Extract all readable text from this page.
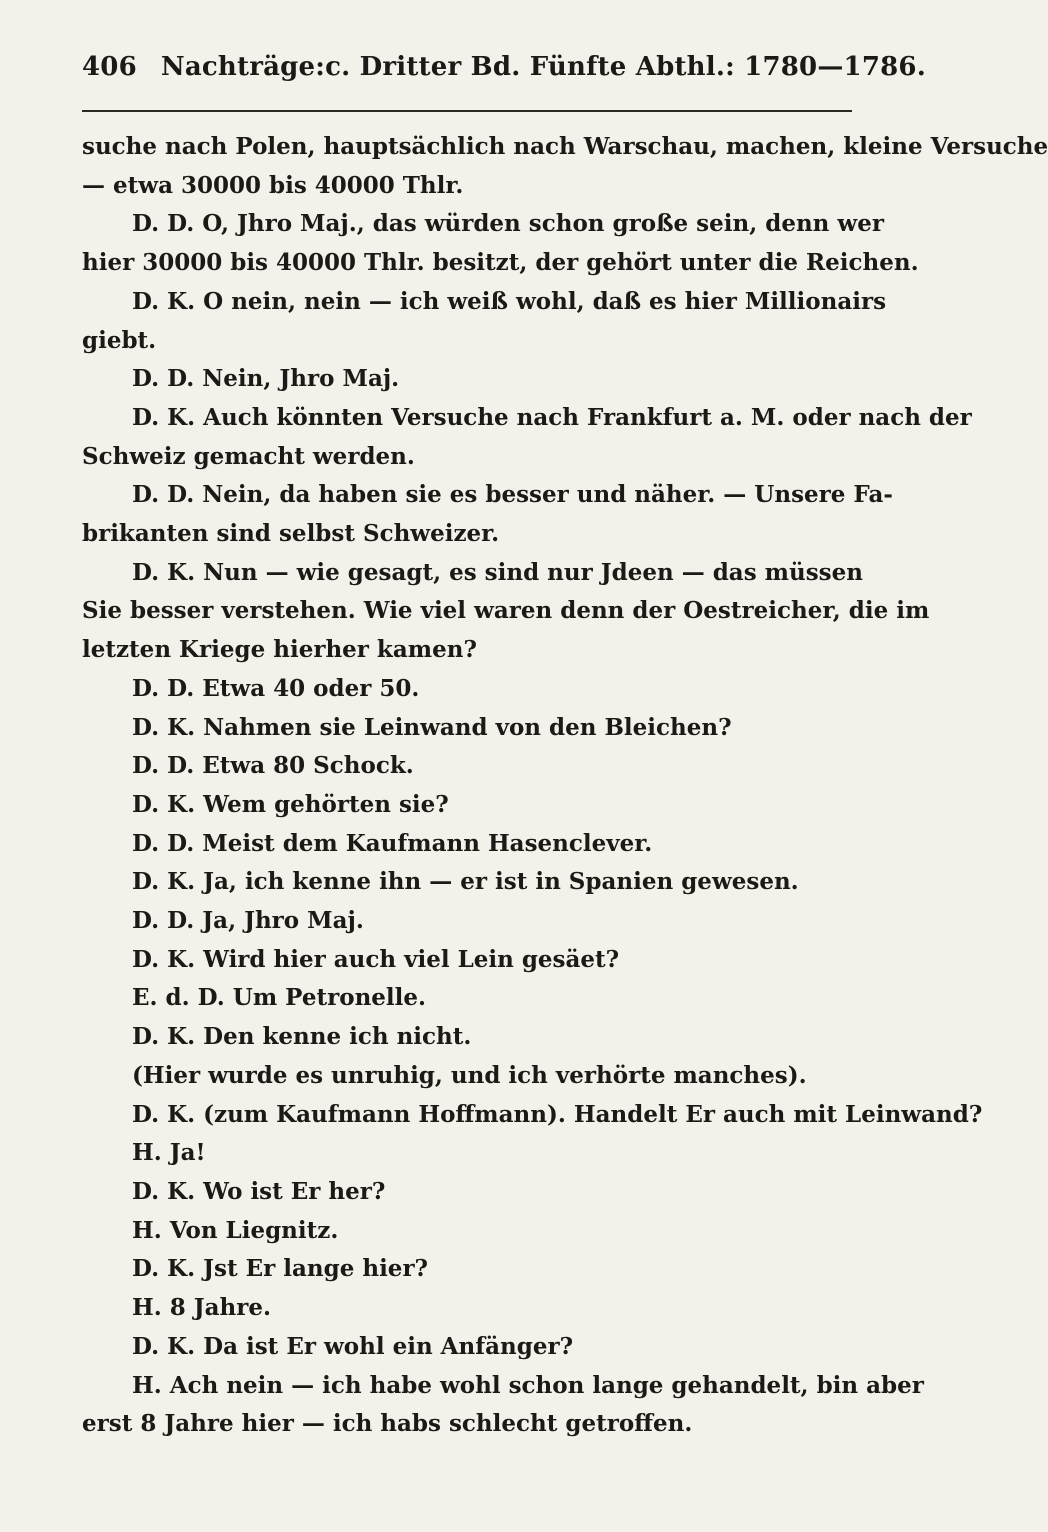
406 Nachträge:c. Dritter Bd. Fünfte Abthl.: 1780—1786.
suche nach Polen, hauptsächlich nach Warschau, machen, kleine Versuche
— etwa 30000 bis 40000 Thlr.
D. D. O, Jhro Maj., das würden schon große sein, denn wer
hier 30000 bis 40000 Thlr. besitzt, der gehört unter die Reichen.
D. K. O nein, nein — ich weiß wohl, daß es hier Millionairs
giebt.
D. D. Nein, Jhro Maj.
D. K. Auch könnten Versuche nach Frankfurt a. M. oder nach der
Schweiz gemacht werden.
D. D. Nein, da haben sie es besser und näher. — Unsere Fa-
brikanten sind selbst Schweizer.
D. K. Nun — wie gesagt, es sind nur Jdeen — das müssen
Sie besser verstehen. Wie viel waren denn der Oestreicher, die im
letzten Kriege hierher kamen?
D. D. Etwa 40 oder 50.
D. K. Nahmen sie Leinwand von den Bleichen?
D. D. Etwa 80 Schock.
D. K. Wem gehörten sie?
D. D. Meist dem Kaufmann Hasenclever.
D. K. Ja, ich kenne ihn — er ist in Spanien gewesen.
D. D. Ja, Jhro Maj.
D. K. Wird hier auch viel Lein gesäet?
E. d. D. Um Petronelle.
D. K. Den kenne ich nicht.
(Hier wurde es unruhig, und ich verhörte manches).
D. K. (zum Kaufmann Hoffmann). Handelt Er auch mit Leinwand?
H. Ja!
D. K. Wo ist Er her?
H. Von Liegnitz.
D. K. Jst Er lange hier?
H. 8 Jahre.
D. K. Da ist Er wohl ein Anfänger?
H. Ach nein — ich habe wohl schon lange gehandelt, bin aber
erst 8 Jahre hier — ich habs schlecht getroffen.
